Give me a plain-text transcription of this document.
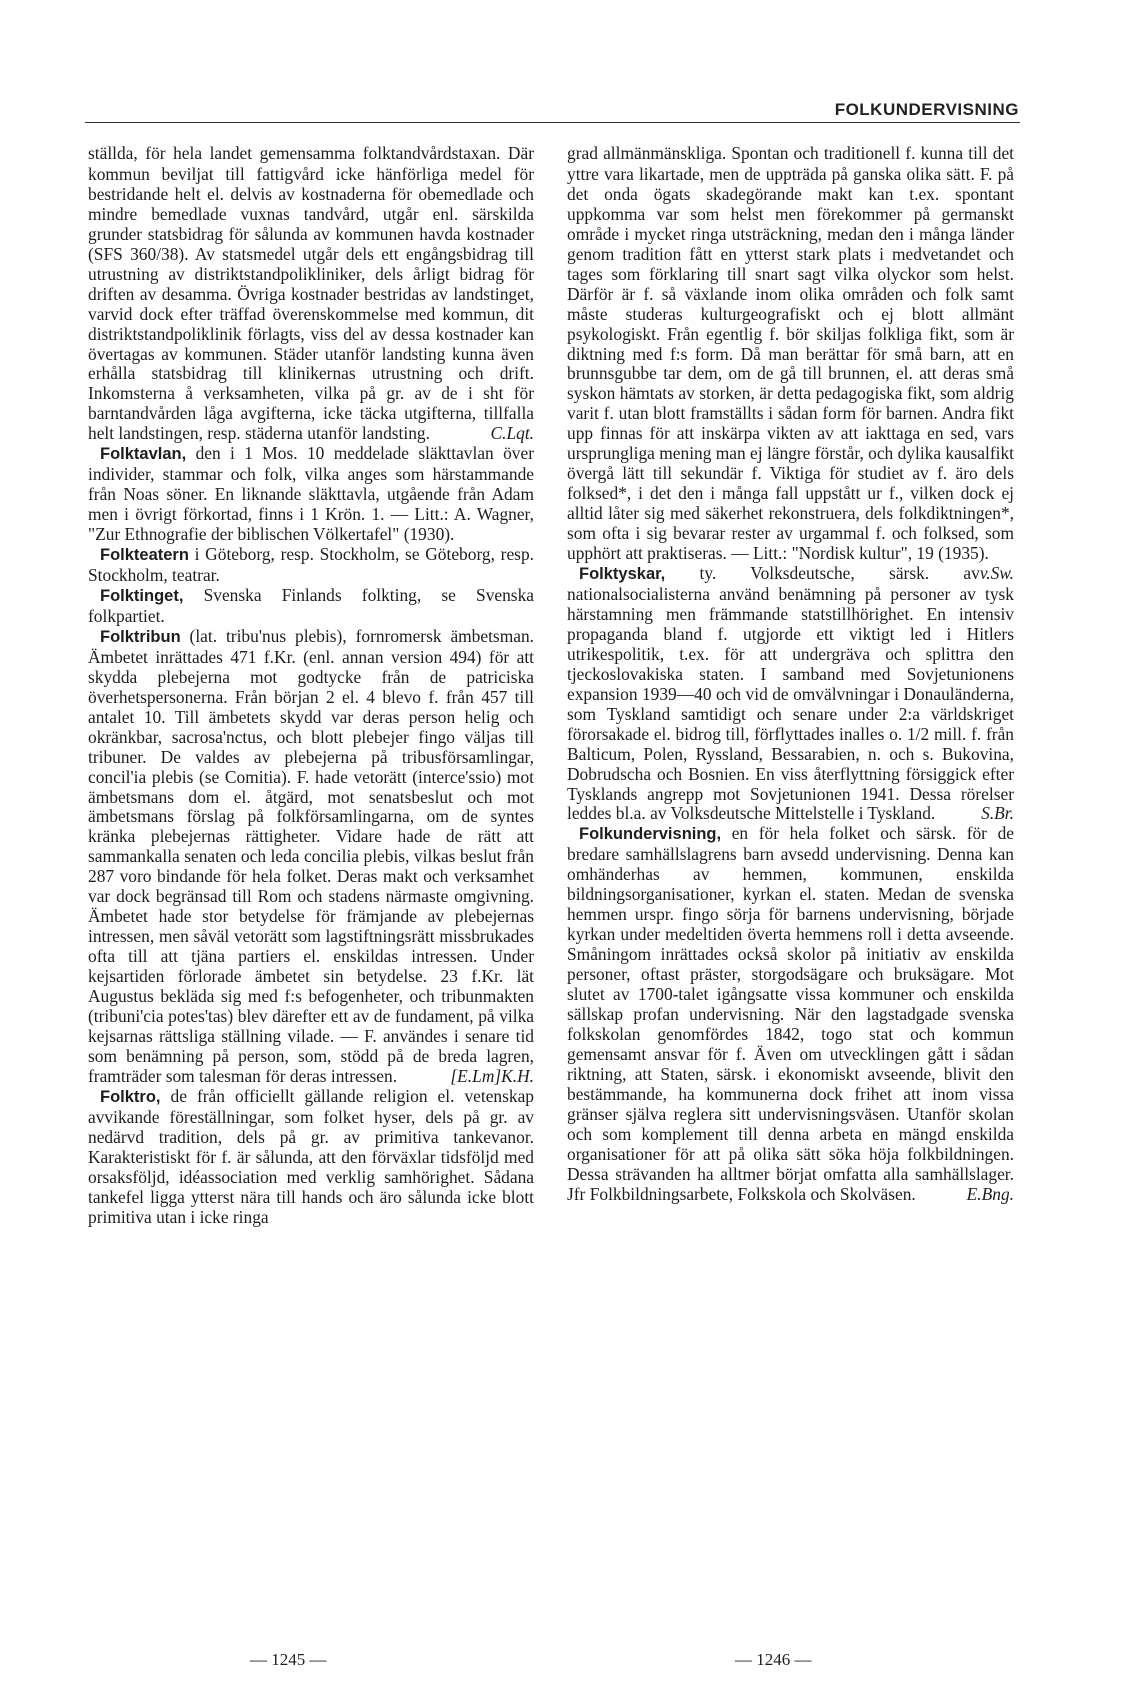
FOLKUNDERVISNING

ställda, för hela landet gemensamma folktandvårdstaxan. Där kommun beviljat till fattigvård icke hänförliga medel för bestridande helt el. delvis av kostnaderna för obemedlade och mindre bemedlade vuxnas tandvård, utgår enl. särskilda grunder statsbidrag för sålunda av kommunen havda kostnader (SFS 360/38). Av statsmedel utgår dels ett engångsbidrag till utrustning av distriktstandpolikliniker, dels årligt bidrag för driften av desamma. Övriga kostnader bestridas av landstinget, varvid dock efter träffad överenskommelse med kommun, dit distriktstandpoliklinik förlagts, viss del av dessa kostnader kan övertagas av kommunen. Städer utanför landsting kunna även erhålla statsbidrag till klinikernas utrustning och drift. Inkomsterna å verksamheten, vilka på gr. av de i sht för barntandvården låga avgifterna, icke täcka utgifterna, tillfalla helt landstingen, resp. städerna utanför landsting.	C.Lqt.

Folktavlan, den i 1 Mos. 10 meddelade släkttavlan över individer, stammar och folk, vilka anges som härstammande från Noas söner. En liknande släkttavla, utgående från Adam men i övrigt förkortad, finns i 1 Krön. 1. — Litt.: A. Wagner, "Zur Ethnografie der biblischen Völkertafel" (1930).

Folkteatern i Göteborg, resp. Stockholm, se Göteborg, resp. Stockholm, teatrar.

Folktinget, Svenska Finlands folkting, se Svenska folkpartiet.

Folktribun (lat. tribu'nus plebis), fornromersk ämbetsman. Ämbetet inrättades 471 f.Kr. (enl. annan version 494) för att skydda plebejerna mot godtycke från de patriciska överhetspersonerna. Från början 2 el. 4 blevo f. från 457 till antalet 10. Till ämbetets skydd var deras person helig och okränkbar, sacrosa'nctus, och blott plebejer fingo väljas till tribuner. De valdes av plebejerna på tribusförsamlingar, concil'ia plebis (se Comitia). F. hade vetorätt (interce'ssio) mot ämbetsmans dom el. åtgärd, mot senatsbeslut och mot ämbetsmans förslag på folkförsamlingarna, om de syntes kränka plebejernas rättigheter. Vidare hade de rätt att sammankalla senaten och leda concilia plebis, vilkas beslut från 287 voro bindande för hela folket. Deras makt och verksamhet var dock begränsad till Rom och stadens närmaste omgivning. Ämbetet hade stor betydelse för främjande av plebejernas intressen, men såväl vetorätt som lagstiftningsrätt missbrukades ofta till att tjäna partiers el. enskildas intressen. Under kejsartiden förlorade ämbetet sin betydelse. 23 f.Kr. lät Augustus bekläda sig med f:s befogenheter, och tribunmakten (tribuni'cia potes'tas) blev därefter ett av de fundament, på vilka kejsarnas rättsliga ställning vilade. — F. användes i senare tid som benämning på person, som, stödd på de breda lagren, framträder som talesman för deras intressen.	[E.Lm]K.H.

Folktro, de från officiellt gällande religion el. vetenskap avvikande föreställningar, som folket hyser, dels på gr. av nedärvd tradition, dels på gr. av primitiva tankevanor. Karakteristiskt för f. är sålunda, att den förväxlar tidsföljd med orsaksföljd, idéassociation med verklig samhörighet. Sådana tankefel ligga ytterst nära till hands och äro sålunda icke blott primitiva utan i icke ringa

grad allmänmänskliga. Spontan och traditionell f. kunna till det yttre vara likartade, men de uppträda på ganska olika sätt. F. på det onda ögats skadegörande makt kan t.ex. spontant uppkomma var som helst men förekommer på germanskt område i mycket ringa utsträckning, medan den i många länder genom tradition fått en ytterst stark plats i medvetandet och tages som förklaring till snart sagt vilka olyckor som helst. Därför är f. så växlande inom olika områden och folk samt måste studeras kulturgeografiskt och ej blott allmänt psykologiskt. Från egentlig f. bör skiljas folkliga fikt, som är diktning med f:s form. Då man berättar för små barn, att en brunnsgubbe tar dem, om de gå till brunnen, el. att deras små syskon hämtats av storken, är detta pedagogiska fikt, som aldrig varit f. utan blott framställts i sådan form för barnen. Andra fikt upp finnas för att inskärpa vikten av att iakttaga en sed, vars ursprungliga mening man ej längre förstår, och dylika kausalfikt övergå lätt till sekundär f. Viktiga för studiet av f. äro dels folksed*, i det den i många fall uppstått ur f., vilken dock ej alltid låter sig med säkerhet rekonstruera, dels folkdiktningen*, som ofta i sig bevarar rester av urgammal f. och folksed, som upphört att praktiseras. — Litt.: "Nordisk kultur", 19 (1935).
v.Sw.

Folktyskar, ty. Volksdeutsche, särsk. av nationalsocialisterna använd benämning på personer av tysk härstamning men främmande statstillhörighet. En intensiv propaganda bland f. utgjorde ett viktigt led i Hitlers utrikespolitik, t.ex. för att undergräva och splittra den tjeckoslovakiska staten. I samband med Sovjetunionens expansion 1939—40 och vid de omvälvningar i Donauländerna, som Tyskland samtidigt och senare under 2:a världskriget förorsakade el. bidrog till, förflyttades inalles o. 1/2 mill. f. från Balticum, Polen, Ryssland, Bessarabien, n. och s. Bukovina, Dobrudscha och Bosnien. En viss återflyttning försiggick efter Tysklands angrepp mot Sovjetunionen 1941. Dessa rörelser leddes bl.a. av Volksdeutsche Mittelstelle i Tyskland.	S.Br.

Folkundervisning, en för hela folket och särsk. för de bredare samhällslagrens barn avsedd undervisning. Denna kan omhänderhas av hemmen, kommunen, enskilda bildningsorganisationer, kyrkan el. staten. Medan de svenska hemmen urspr. fingo sörja för barnens undervisning, började kyrkan under medeltiden överta hemmens roll i detta avseende. Småningom inrättades också skolor på initiativ av enskilda personer, oftast präster, storgodsägare och bruksägare. Mot slutet av 1700-talet igångsatte vissa kommuner och enskilda sällskap profan undervisning. När den lagstadgade svenska folkskolan genomfördes 1842, togo stat och kommun gemensamt ansvar för f. Även om utvecklingen gått i sådan riktning, att Staten, särsk. i ekonomiskt avseende, blivit den bestämmande, ha kommunerna dock frihet att inom vissa gränser själva reglera sitt undervisningsväsen. Utanför skolan och som komplement till denna arbeta en mängd enskilda organisationer för att på olika sätt söka höja folkbildningen. Dessa strävanden ha alltmer börjat omfatta alla samhällslager. Jfr Folkbildningsarbete, Folkskola och Skolväsen.	E.Bng.

— 1245 —	— 1246 —
